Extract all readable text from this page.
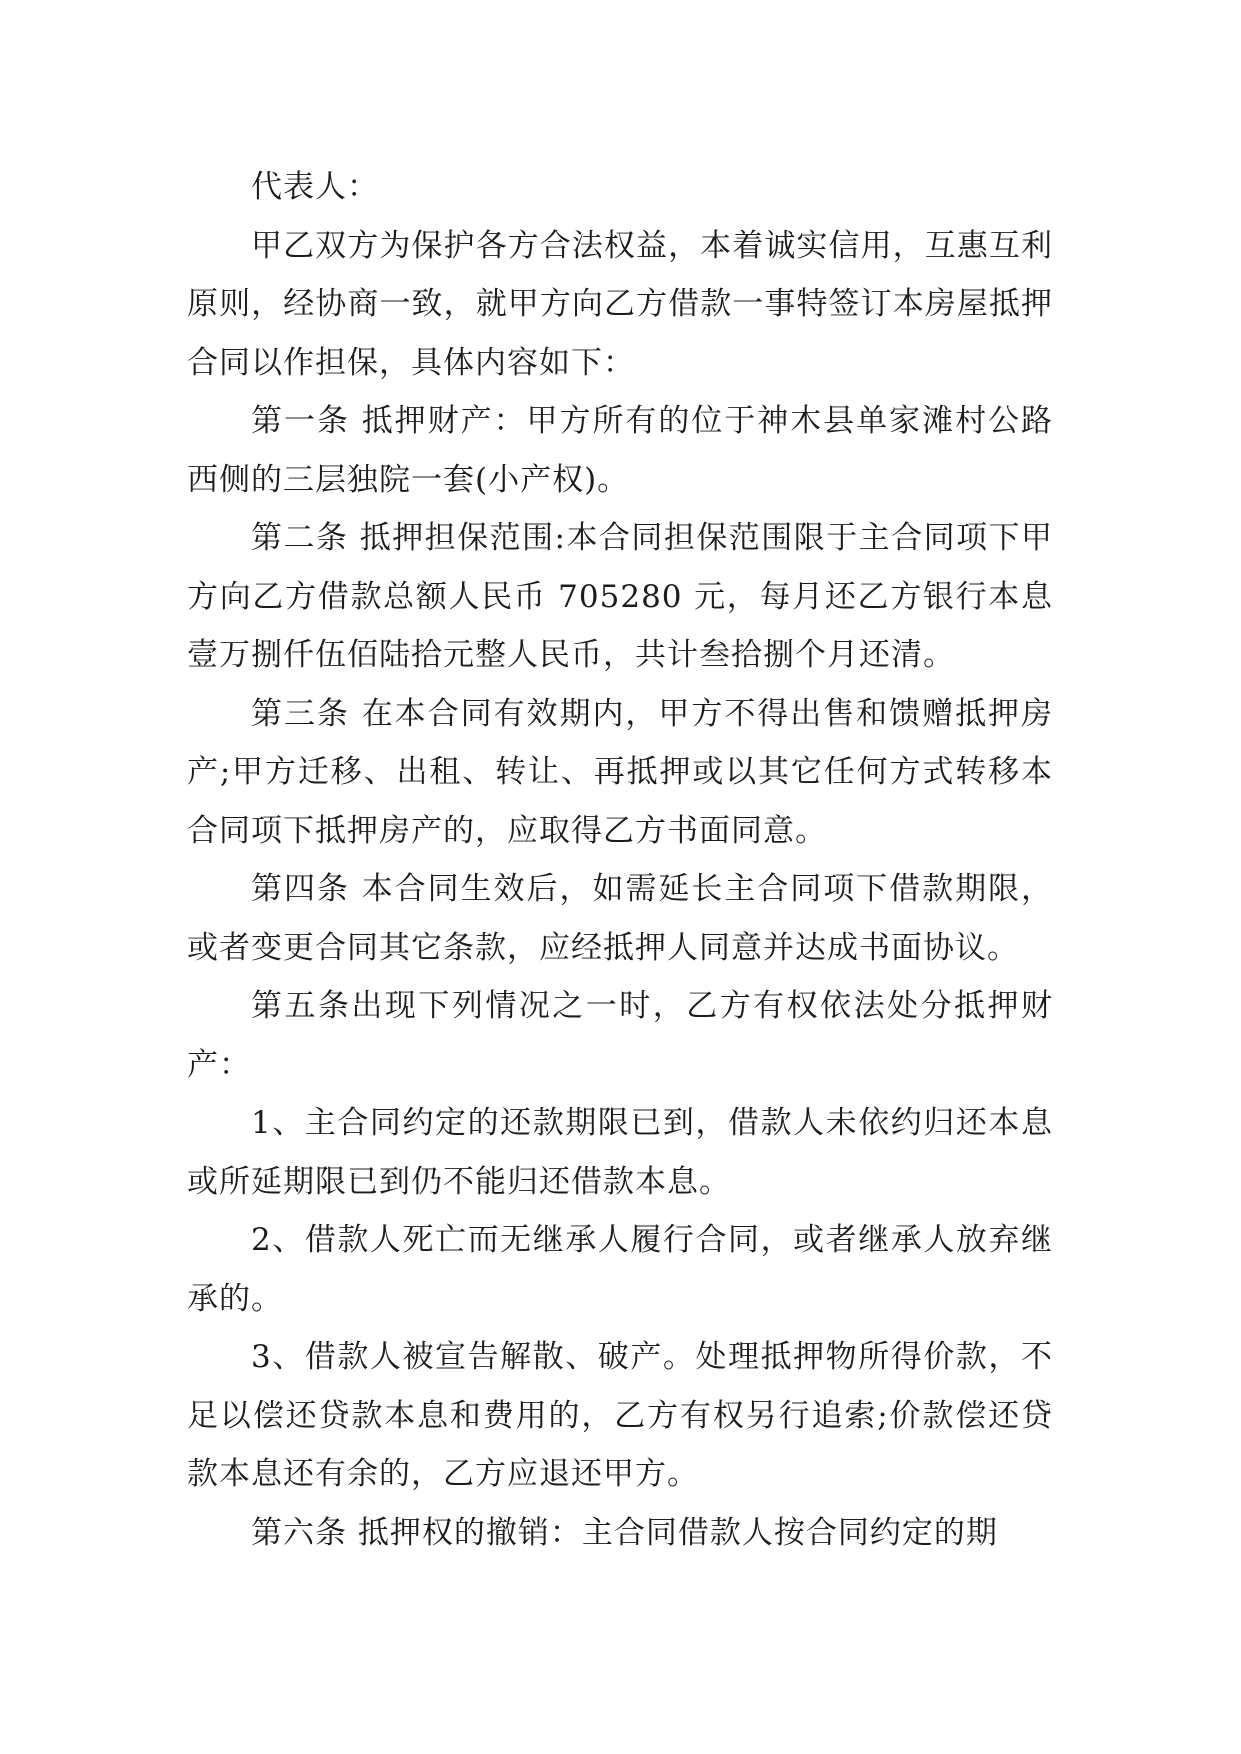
代表人：

甲乙双方为保护各方合法权益，本着诚实信用，互惠互利原则，经协商一致，就甲方向乙方借款一事特签订本房屋抵押合同以作担保，具体内容如下：

第一条 抵押财产：甲方所有的位于神木县单家滩村公路西侧的三层独院一套(小产权)。

第二条 抵押担保范围:本合同担保范围限于主合同项下甲方向乙方借款总额人民币 705280 元，每月还乙方银行本息壹万捌仟伍佰陆拾元整人民币，共计叁拾捌个月还清。

第三条 在本合同有效期内，甲方不得出售和馈赠抵押房产;甲方迁移、出租、转让、再抵押或以其它任何方式转移本合同项下抵押房产的，应取得乙方书面同意。

第四条 本合同生效后，如需延长主合同项下借款期限，或者变更合同其它条款，应经抵押人同意并达成书面协议。

第五条出现下列情况之一时，乙方有权依法处分抵押财产：

1、主合同约定的还款期限已到，借款人未依约归还本息或所延期限已到仍不能归还借款本息。

2、借款人死亡而无继承人履行合同，或者继承人放弃继承的。

3、借款人被宣告解散、破产。处理抵押物所得价款，不足以偿还贷款本息和费用的，乙方有权另行追索;价款偿还贷款本息还有余的，乙方应退还甲方。

第六条 抵押权的撤销：主合同借款人按合同约定的期
